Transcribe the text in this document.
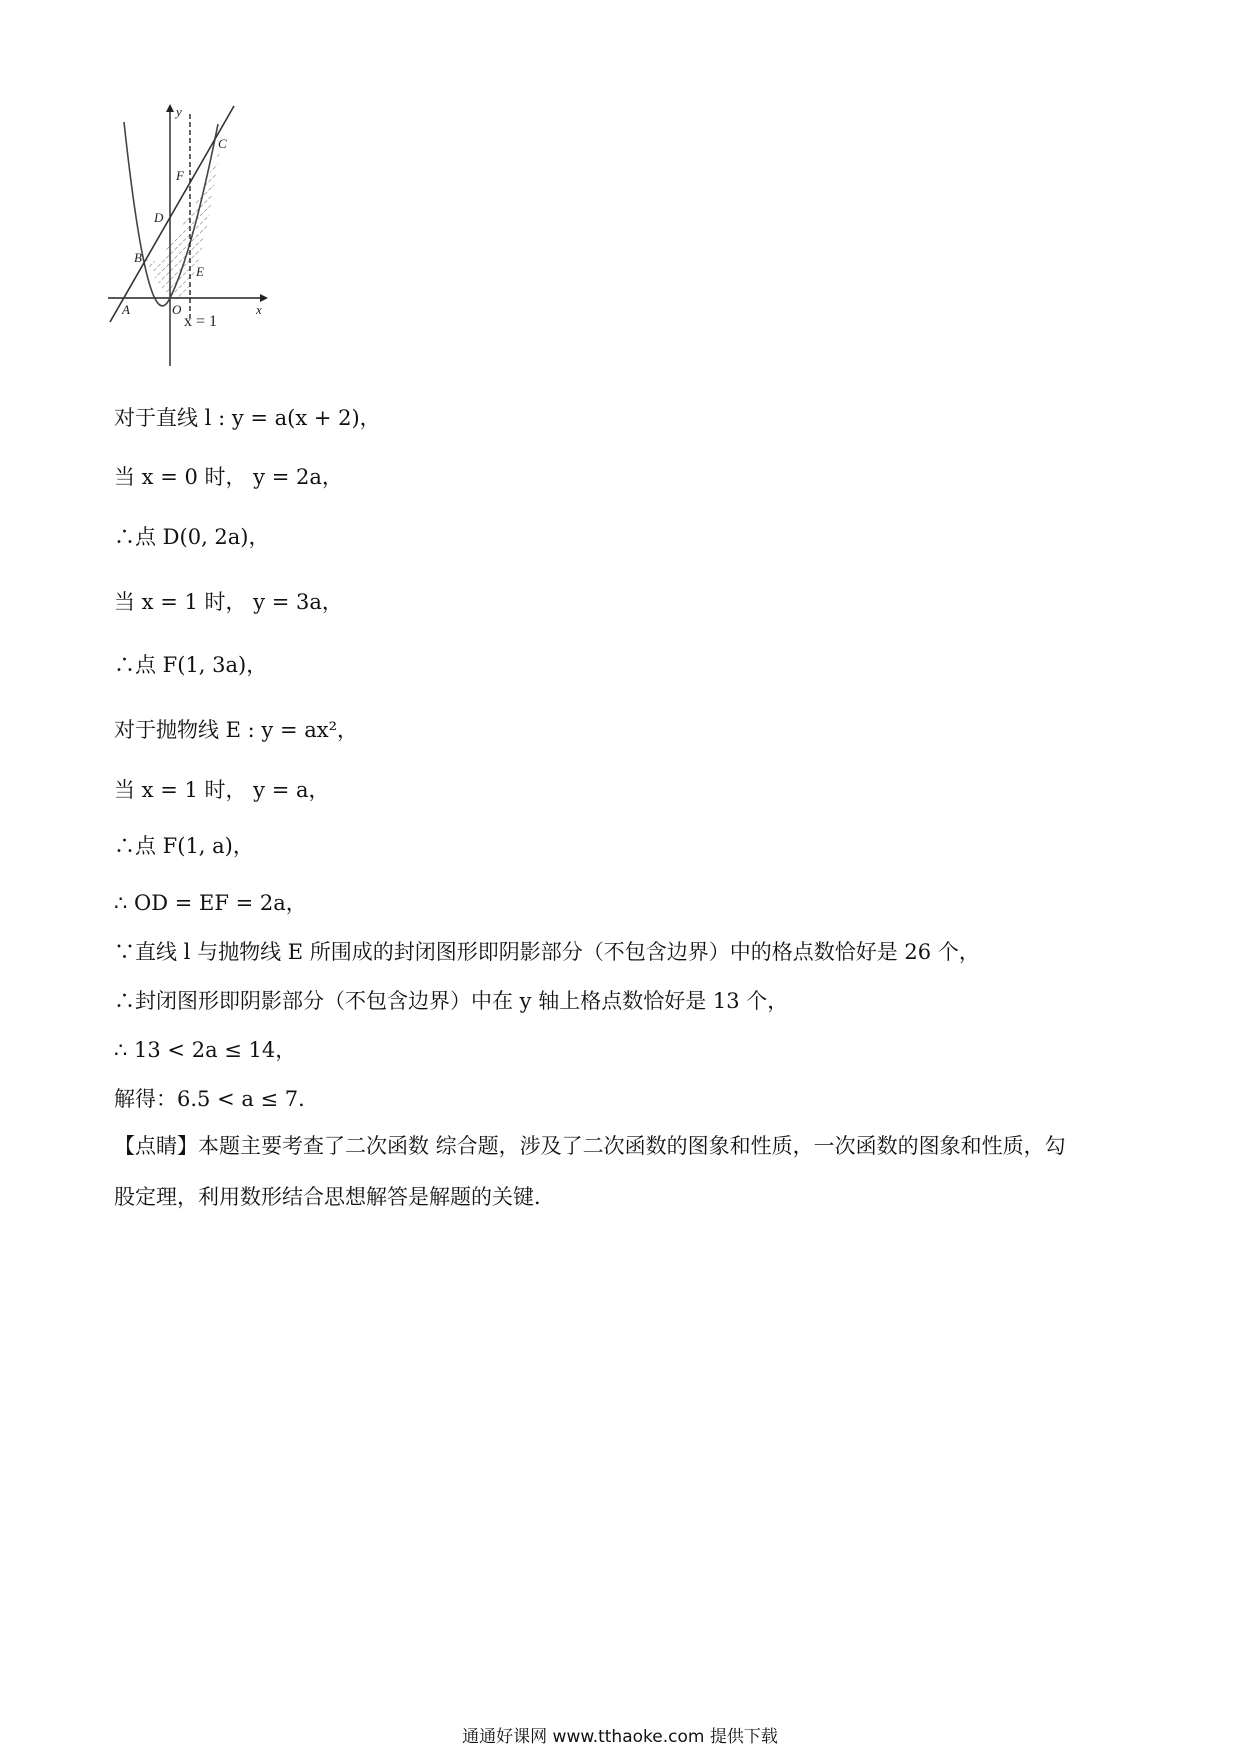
y
x
O
A
B
C
D
E
F
x = 1
对于直线 l : y = a(x + 2)，
当 x = 0 时， y = 2a，
∴点 D(0, 2a)，
当 x = 1 时， y = 3a，
∴点 F(1, 3a)，
对于抛物线 E : y = ax²，
当 x = 1 时， y = a，
∴点 F(1, a)，
∴ OD = EF = 2a，
∵直线 l 与抛物线 E 所围成的封闭图形即阴影部分（不包含边界）中的格点数恰好是 26 个，
∴封闭图形即阴影部分（不包含边界）中在 y 轴上格点数恰好是 13 个，
∴ 13 < 2a ≤ 14，
解得：6.5 < a ≤ 7．
【点睛】本题主要考查了二次函数 综合题，涉及了二次函数的图象和性质，一次函数的图象和性质，勾
股定理，利用数形结合思想解答是解题的关键．
通通好课网 www.tthaoke.com 提供下载
